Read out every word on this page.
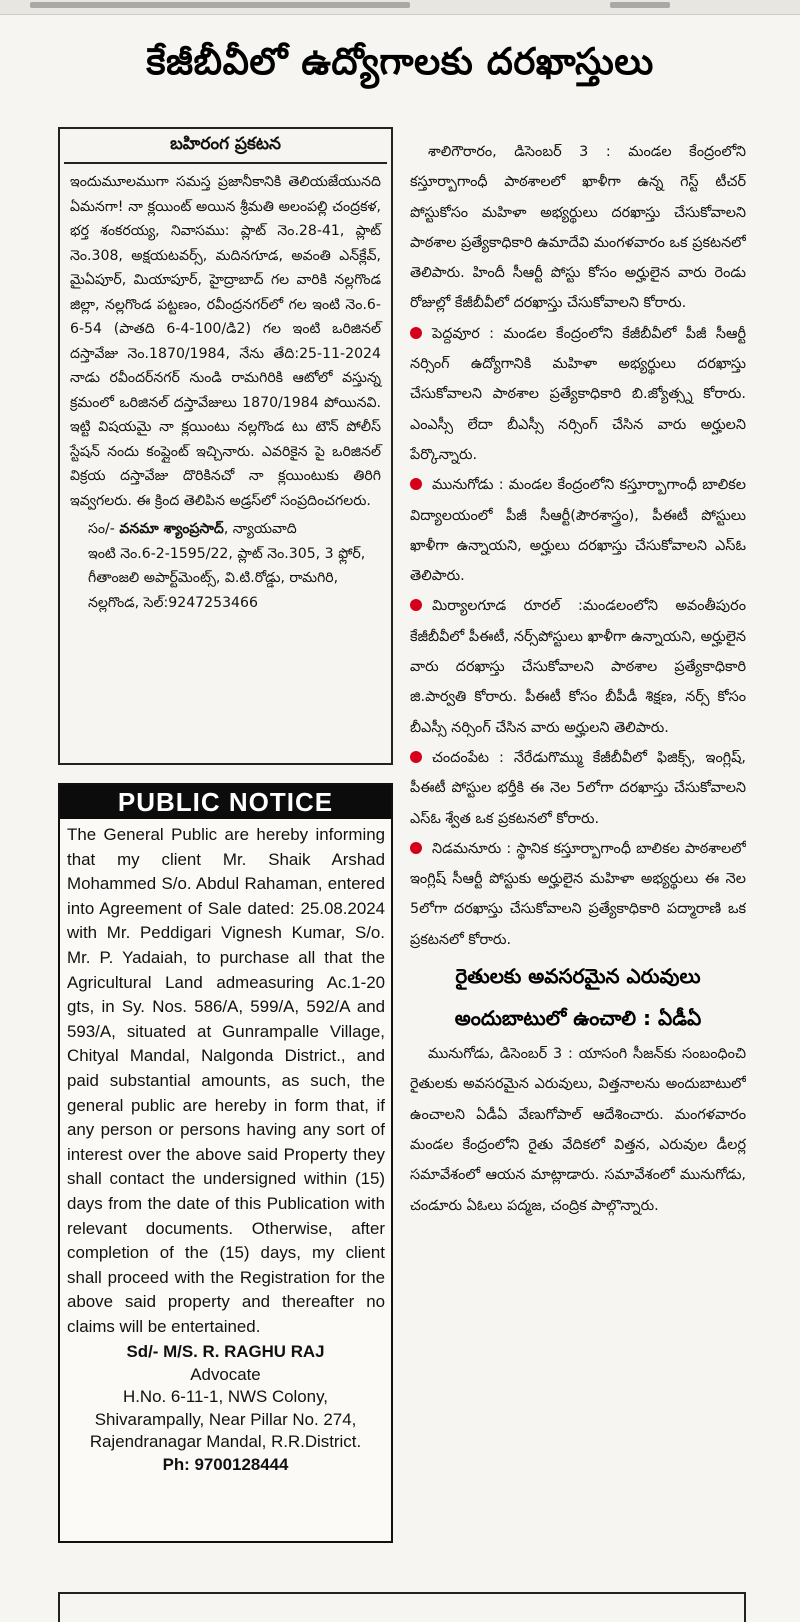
కేజీబీవీలో ఉద్యోగాలకు దరఖాస్తులు
బహిరంగ ప్రకటన
ఇందుమూలముగా సమస్త ప్రజానీకానికి తెలియజేయునది ఏమనగా! నా క్లయింట్ అయిన శ్రీమతి అలంపల్లి చంద్రకళ, భర్త శంకరయ్య, నివాసము: ప్లాట్ నెం.28-41, ప్లాట్ నెం.308, అక్షయటవర్స్, మదినగూడ, అవంతి ఎన్‌క్లేవ్, మైఏపూర్, మియాపూర్, హైద్రాబాద్ గల వారికి నల్లగొండ జిల్లా, నల్లగొండ పట్టణం, రవీంద్రనగర్‌లో గల ఇంటి నెం.6-6-54 (పాతది 6-4-100/డి2) గల ఇంటి ఒరిజినల్ దస్తావేజు నెం.1870/1984, నేను తేది:25-11-2024 నాడు రవీందర్‌నగర్ నుండి రామగిరికి ఆటోలో వస్తున్న క్రమంలో ఒరిజినల్ దస్తావేజులు 1870/1984 పోయినవి. ఇట్టి విషయమై నా క్లయింటు నల్లగొండ టు టౌన్ పోలీస్ స్టేషన్ నందు కంప్లైంట్ ఇచ్చినారు. ఎవరికైన పై ఒరిజినల్ విక్రయ దస్తావేజు దొరికినచో నా క్లయింటుకు తిరిగి ఇవ్వగలరు. ఈ క్రింద తెలిపిన అడ్రస్‌లో సంప్రదించగలరు.
సం/- వనమా శ్యాంప్రసాద్, న్యాయవాది
ఇంటి నెం.6-2-1595/22, ప్లాట్ నెం.305, 3 ఫ్లోర్, గీతాంజలి అపార్ట్‌మెంట్స్, వి.టి.రోడ్డు, రామగిరి, నల్లగొండ, సెల్:9247253466
PUBLIC NOTICE
The General Public are hereby informing that my client Mr. Shaik Arshad Mohammed S/o. Abdul Rahaman, entered into Agreement of Sale dated: 25.08.2024 with Mr. Peddigari Vignesh Kumar, S/o. Mr. P. Yadaiah, to purchase all that the Agricultural Land admeasuring Ac.1-20 gts, in Sy. Nos. 586/A, 599/A, 592/A and 593/A, situated at Gunrampalle Village, Chityal Mandal, Nalgonda District., and paid substantial amounts, as such, the general public are hereby in form that, if any person or persons having any sort of interest over the above said Property they shall contact the undersigned within (15) days from the date of this Publication with relevant documents. Otherwise, after completion of the (15) days, my client shall proceed with the Registration for the above said property and thereafter no claims will be entertained.
Sd/- M/S. R. RAGHU RAJ
Advocate
H.No. 6-11-1, NWS Colony,
Shivarampally, Near Pillar No. 274,
Rajendranagar Mandal, R.R.District.
Ph: 9700128444

శాలిగౌరారం, డిసెంబర్ 3 : మండల కేంద్రంలోని కస్తూర్బాగాంధీ పాఠశాలలో ఖాళీగా ఉన్న గెస్ట్ టీచర్ పోస్టుకోసం మహిళా అభ్యర్థులు దరఖాస్తు చేసుకోవాలని పాఠశాల ప్రత్యేకాధికారి ఉమాదేవి మంగళవారం ఒక ప్రకటనలో తెలిపారు. హిందీ సీఆర్టీ పోస్టు కోసం అర్హులైన వారు రెండు రోజుల్లో కేజీబీవీలో దరఖాస్తు చేసుకోవాలని కోరారు.

పెద్దవూర : మండల కేంద్రంలోని కేజీబీవీలో పీజీ సీఆర్టీ నర్సింగ్ ఉద్యోగానికి మహిళా అభ్యర్థులు దరఖాస్తు చేసుకోవాలని పాఠశాల ప్రత్యేకాధికారి బి.జ్యోత్స్న కోరారు. ఎంఎస్సీ లేదా బీఎస్సీ నర్సింగ్ చేసిన వారు అర్హులని పేర్కొన్నారు.

మునుగోడు : మండల కేంద్రంలోని కస్తూర్బాగాంధీ బాలికల విద్యాలయంలో పీజీ సీఆర్టీ(పౌరశాస్త్రం), పీఈటీ పోస్టులు ఖాళీగా ఉన్నాయని, అర్హులు దరఖాస్తు చేసుకోవాలని ఎస్ఓ తెలిపారు.

మిర్యాలగూడ రూరల్ :మండలంలోని అవంతీపురం కేజీబీవీలో పీఈటీ, నర్స్‌పోస్టులు ఖాళీగా ఉన్నాయని, అర్హులైన వారు దరఖాస్తు చేసుకోవాలని పాఠశాల ప్రత్యేకాధికారి జి.పార్వతి కోరారు. పీఈటీ కోసం బీపీడీ శిక్షణ, నర్స్ కోసం బీఎస్సీ నర్సింగ్ చేసిన వారు అర్హులని తెలిపారు.

చందంపేట : నేరేడుగొమ్ము కేజీబీవీలో ఫిజిక్స్, ఇంగ్లిష్, పీఈటీ పోస్టుల భర్తీకి ఈ నెల 5లోగా దరఖాస్తు చేసుకోవాలని ఎస్ఓ శ్వేత ఒక ప్రకటనలో కోరారు.

నిడమనూరు : స్థానిక కస్తూర్బాగాంధీ బాలికల పాఠశాలలో ఇంగ్లిష్ సీఆర్టీ పోస్టుకు అర్హులైన మహిళా అభ్యర్థులు ఈ నెల 5లోగా దరఖాస్తు చేసుకోవాలని ప్రత్యేకాధికారి పద్మారాణి ఒక ప్రకటనలో కోరారు.

రైతులకు అవసరమైన ఎరువులు
అందుబాటులో ఉంచాలి : ఏడీఏ

మునుగోడు, డిసెంబర్ 3 : యాసంగి సీజన్‌కు సంబంధించి రైతులకు అవసరమైన ఎరువులు, విత్తనాలను అందుబాటులో ఉంచాలని ఏడీఏ వేణుగోపాల్ ఆదేశించారు. మంగళవారం మండల కేంద్రంలోని రైతు వేదికలో విత్తన, ఎరువుల డీలర్ల సమావేశంలో ఆయన మాట్లాడారు. సమావేశంలో మునుగోడు, చండూరు ఏఓలు పద్మజ, చంద్రిక పాల్గొన్నారు.
